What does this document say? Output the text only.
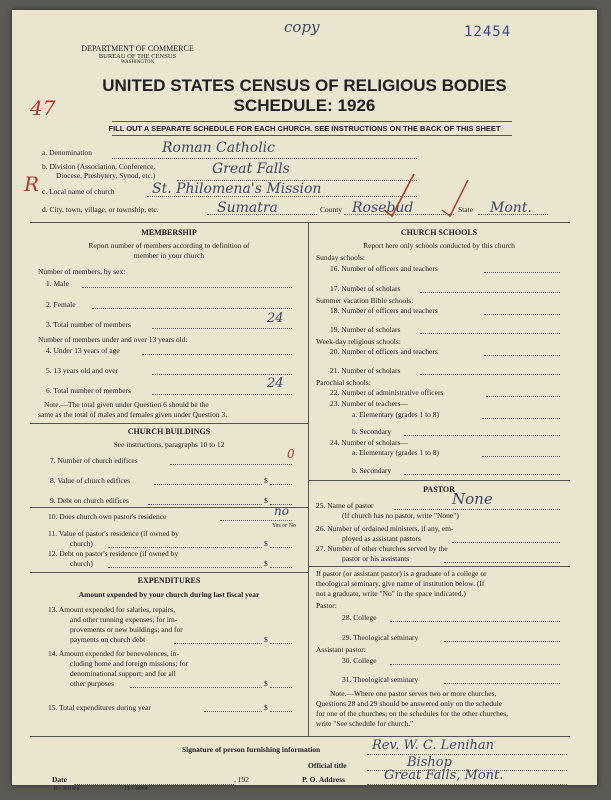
copy	12454
47
R
DEPARTMENT OF COMMERCE
BUREAU OF THE CENSUS
WASHINGTON
UNITED STATES CENSUS OF RELIGIOUS BODIES
SCHEDULE: 1926
FILL OUT A SEPARATE SCHEDULE FOR EACH CHURCH. SEE INSTRUCTIONS ON THE BACK OF THIS SHEET
a. Denomination	Roman Catholic
b. Division (Association, Conference,
Diocese, Presbytery, Synod, etc.)	Great Falls
c. Local name of church	St. Philomena's Mission
d. City, town, village, or township, etc.	Sumatra	County Rosebud	State Mont.
MEMBERSHIP
Report number of members according to definition of
member in your church
Number of members, by sex:
1. Male
2. Female
3. Total number of members	24
Number of members under and over 13 years old:
4. Under 13 years of age
5. 13 years old and over
6. Total number of members	24
Note.—The total given under Question 6 should be the
same as the total of males and females given under Question 3.
CHURCH BUILDINGS
See instructions, paragraphs 10 to 12
7. Number of church edifices	0
8. Value of church edifices	$
9. Debt on church edifices	$
10. Does church own pastor's residence	no
Yes or No
11. Value of pastor's residence (if owned by
church)	$
12. Debt on pastor's residence (if owned by
church)	$
EXPENDITURES
Amount expended by your church during last fiscal year
13. Amount expended for salaries, repairs,
and other running expenses; for im-
provements or new buildings; and for
payments on church debt	$
14. Amount expended for benevolences, in-
cluding home and foreign missions; for
denominational support; and for all
other purposes	$
15. Total expenditures during year	$
CHURCH SCHOOLS
Report here only schools conducted by this church
Sunday schools:
16. Number of officers and teachers
17. Number of scholars
Summer vacation Bible schools:
18. Number of officers and teachers
19. Number of scholars
Week-day religious schools:
20. Number of officers and teachers
21. Number of scholars
Parochial schools:
22. Number of administrative officers
23. Number of teachers—
a. Elementary (grades 1 to 8)
b. Secondary
24. Number of scholars—
a. Elementary (grades 1 to 8)
b. Secondary
PASTOR
25. Name of pastor	None
(If church has no pastor, write "None")
26. Number of ordained ministers, if any, em-
ployed as assistant pastors
27. Number of other churches served by the
pastor or his assistants
If pastor (or assistant pastor) is a graduate of a college or
theological seminary, give name of institution below. (If
not a graduate, write "No" in the space indicated.)
Pastor:
28. College
29. Theological seminary
Assistant pastor:
30. College
31. Theological seminary
Note.—Where one pastor serves two or more churches,
Questions 28 and 29 should be answered only on the schedule
for one of the churches; on the schedules for the other churches,
write "See schedule for church."
Signature of person furnishing information	Rev. W. C. Lenihan
Official title	Bishop
Date	, 192	P. O. Address	Great Falls, Mont.
8—3318 a	11—9064
